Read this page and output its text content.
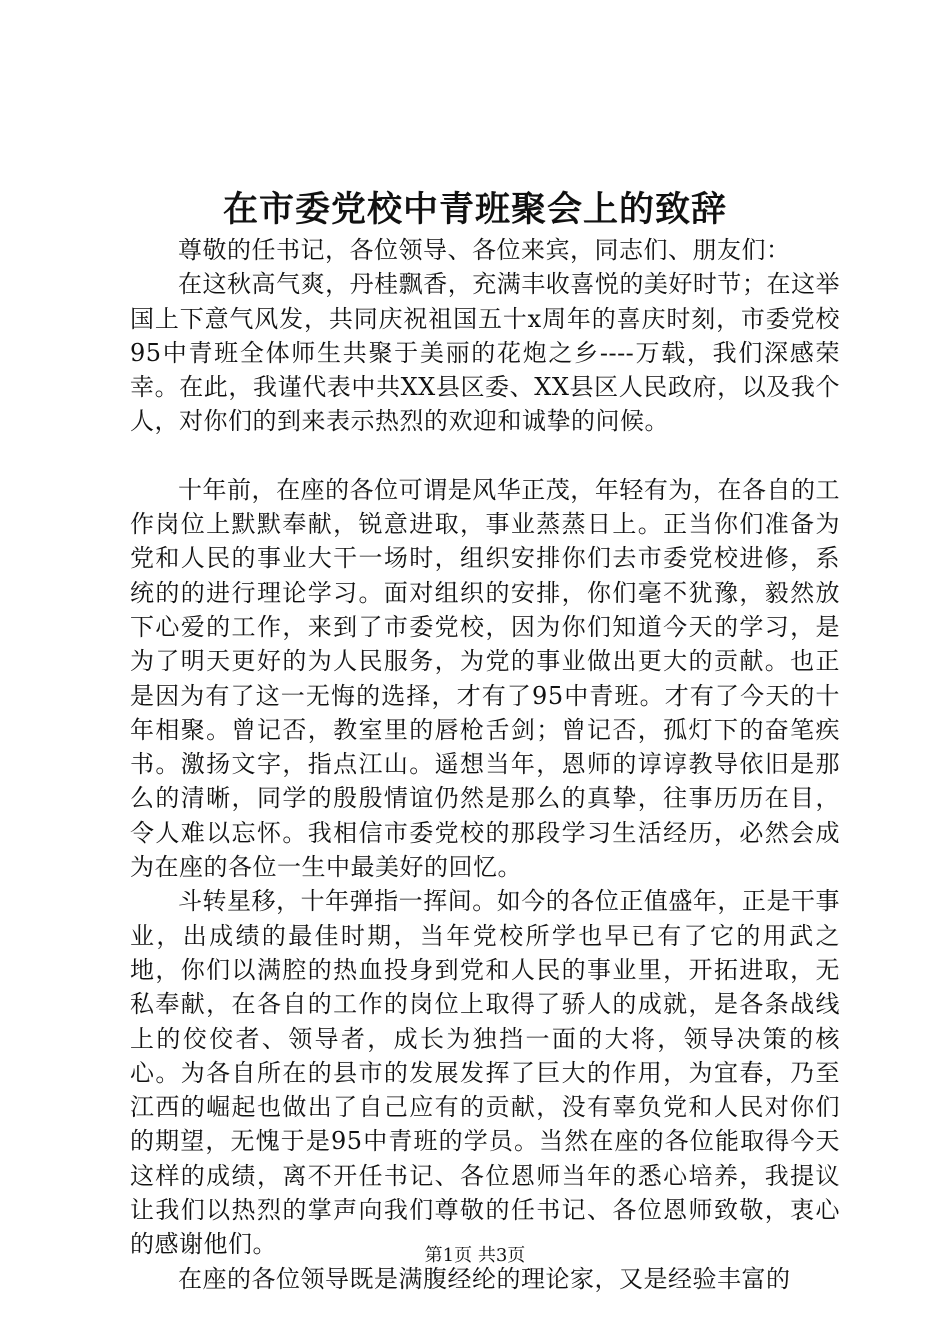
在市委党校中青班聚会上的致辞

尊敬的任书记，各位领导、各位来宾，同志们、朋友们：

在这秋高气爽，丹桂飘香，充满丰收喜悦的美好时节；在这举国上下意气风发，共同庆祝祖国五十x周年的喜庆时刻，市委党校95中青班全体师生共聚于美丽的花炮之乡----万载，我们深感荣幸。在此，我谨代表中共XX县区委、XX县区人民政府，以及我个人，对你们的到来表示热烈的欢迎和诚挚的问候。

十年前，在座的各位可谓是风华正茂，年轻有为，在各自的工作岗位上默默奉献，锐意进取，事业蒸蒸日上。正当你们准备为党和人民的事业大干一场时，组织安排你们去市委党校进修，系统的的进行理论学习。面对组织的安排，你们毫不犹豫，毅然放下心爱的工作，来到了市委党校，因为你们知道今天的学习，是为了明天更好的为人民服务，为党的事业做出更大的贡献。也正是因为有了这一无悔的选择，才有了95中青班。才有了今天的十年相聚。曾记否，教室里的唇枪舌剑；曾记否，孤灯下的奋笔疾书。激扬文字，指点江山。遥想当年，恩师的谆谆教导依旧是那么的清晰，同学的殷殷情谊仍然是那么的真挚，往事历历在目，令人难以忘怀。我相信市委党校的那段学习生活经历，必然会成为在座的各位一生中最美好的回忆。

斗转星移，十年弹指一挥间。如今的各位正值盛年，正是干事业，出成绩的最佳时期，当年党校所学也早已有了它的用武之地，你们以满腔的热血投身到党和人民的事业里，开拓进取，无私奉献，在各自的工作的岗位上取得了骄人的成就，是各条战线上的佼佼者、领导者，成长为独挡一面的大将，领导决策的核心。为各自所在的县市的发展发挥了巨大的作用，为宜春，乃至江西的崛起也做出了自己应有的贡献，没有辜负党和人民对你们的期望，无愧于是95中青班的学员。当然在座的各位能取得今天这样的成绩，离不开任书记、各位恩师当年的悉心培养，我提议让我们以热烈的掌声向我们尊敬的任书记、各位恩师致敬，衷心的感谢他们。

在座的各位领导既是满腹经纶的理论家，又是经验丰富的

第1页 共3页
